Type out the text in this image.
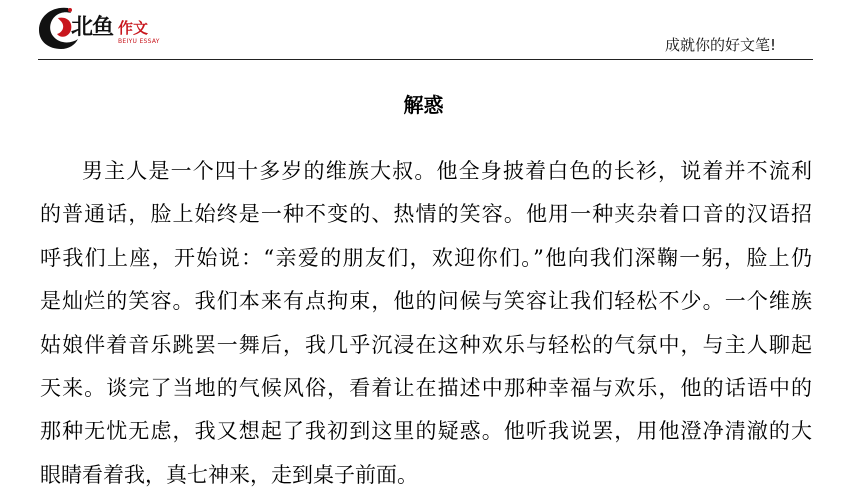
北鱼 作文
BEIYU ESSAY	成就你的好文笔!
解惑
男主人是一个四十多岁的维族大叔。他全身披着白色的长衫，说着并不流利
的普通话，脸上始终是一种不变的、热情的笑容。他用一种夹杂着口音的汉语招
呼我们上座，开始说：“亲爱的朋友们，欢迎你们。”他向我们深鞠一躬，脸上仍
是灿烂的笑容。我们本来有点拘束，他的问候与笑容让我们轻松不少。一个维族
姑娘伴着音乐跳罢一舞后，我几乎沉浸在这种欢乐与轻松的气氛中，与主人聊起
天来。谈完了当地的气候风俗，看着让在描述中那种幸福与欢乐，他的话语中的
那种无忧无虑，我又想起了我初到这里的疑惑。他听我说罢，用他澄净清澈的大
眼睛看着我，真七神来，走到桌子前面。
